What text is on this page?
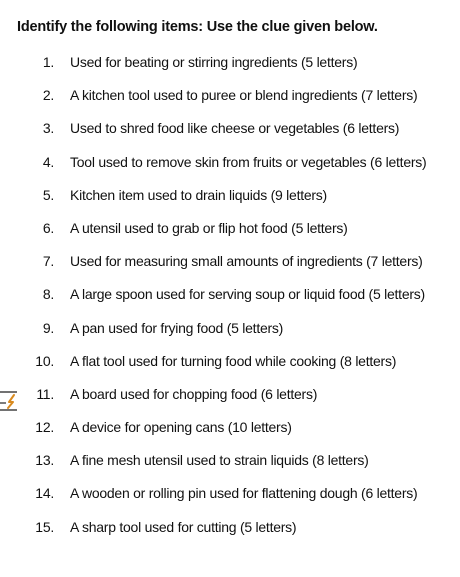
Identify the following items: Use the clue given below.
1. Used for beating or stirring ingredients (5 letters)
2. A kitchen tool used to puree or blend ingredients (7 letters)
3. Used to shred food like cheese or vegetables (6 letters)
4. Tool used to remove skin from fruits or vegetables (6 letters)
5. Kitchen item used to drain liquids (9 letters)
6. A utensil used to grab or flip hot food (5 letters)
7. Used for measuring small amounts of ingredients (7 letters)
8. A large spoon used for serving soup or liquid food (5 letters)
9. A pan used for frying food (5 letters)
10. A flat tool used for turning food while cooking (8 letters)
11. A board used for chopping food (6 letters)
12. A device for opening cans (10 letters)
13. A fine mesh utensil used to strain liquids (8 letters)
14. A wooden or rolling pin used for flattening dough (6 letters)
15. A sharp tool used for cutting (5 letters)
